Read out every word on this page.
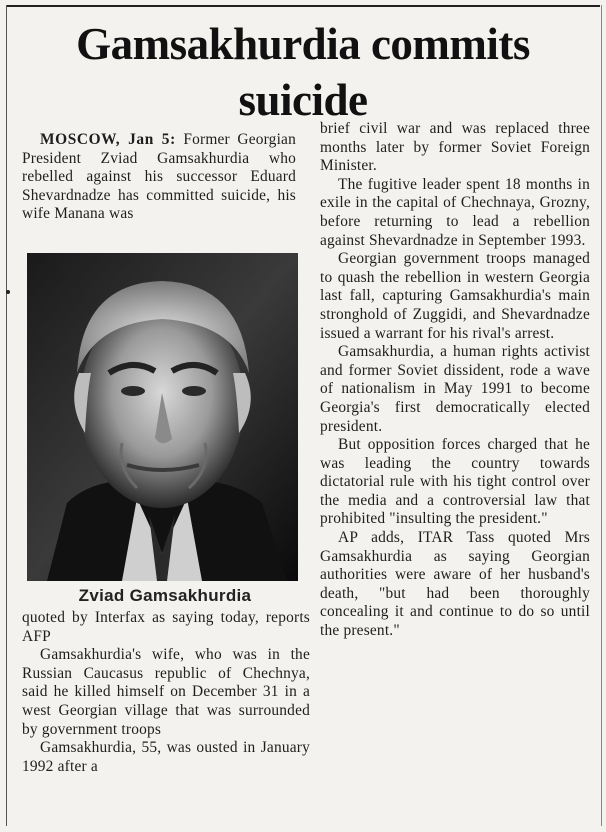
Gamsakhurdia commits suicide

MOSCOW, Jan 5: Former Georgian President Zviad Gamsakhurdia who rebelled against his successor Eduard Shevardnadze has committed suicide, his wife Manana was

Zviad Gamsakhurdia

quoted by Interfax as saying today, reports AFP

Gamsakhurdia's wife, who was in the Russian Caucasus republic of Chechnya, said he killed himself on December 31 in a west Georgian village that was surrounded by government troops

Gamsakhurdia, 55, was ousted in January 1992 after a

brief civil war and was replaced three months later by former Soviet Foreign Minister.

The fugitive leader spent 18 months in exile in the capital of Chechnaya, Grozny, before returning to lead a rebellion against Shevardnadze in September 1993.

Georgian government troops managed to quash the rebellion in western Georgia last fall, capturing Gamsakhurdia's main stronghold of Zuggidi, and Shevardnadze issued a warrant for his rival's arrest.

Gamsakhurdia, a human rights activist and former Soviet dissident, rode a wave of nationalism in May 1991 to become Georgia's first democratically elected president.

But opposition forces charged that he was leading the country towards dictatorial rule with his tight control over the media and a controversial law that prohibited "insulting the president."

AP adds, ITAR Tass quoted Mrs Gamsakhurdia as saying Georgian authorities were aware of her husband's death, "but had been thoroughly concealing it and continue to do so until the present."
